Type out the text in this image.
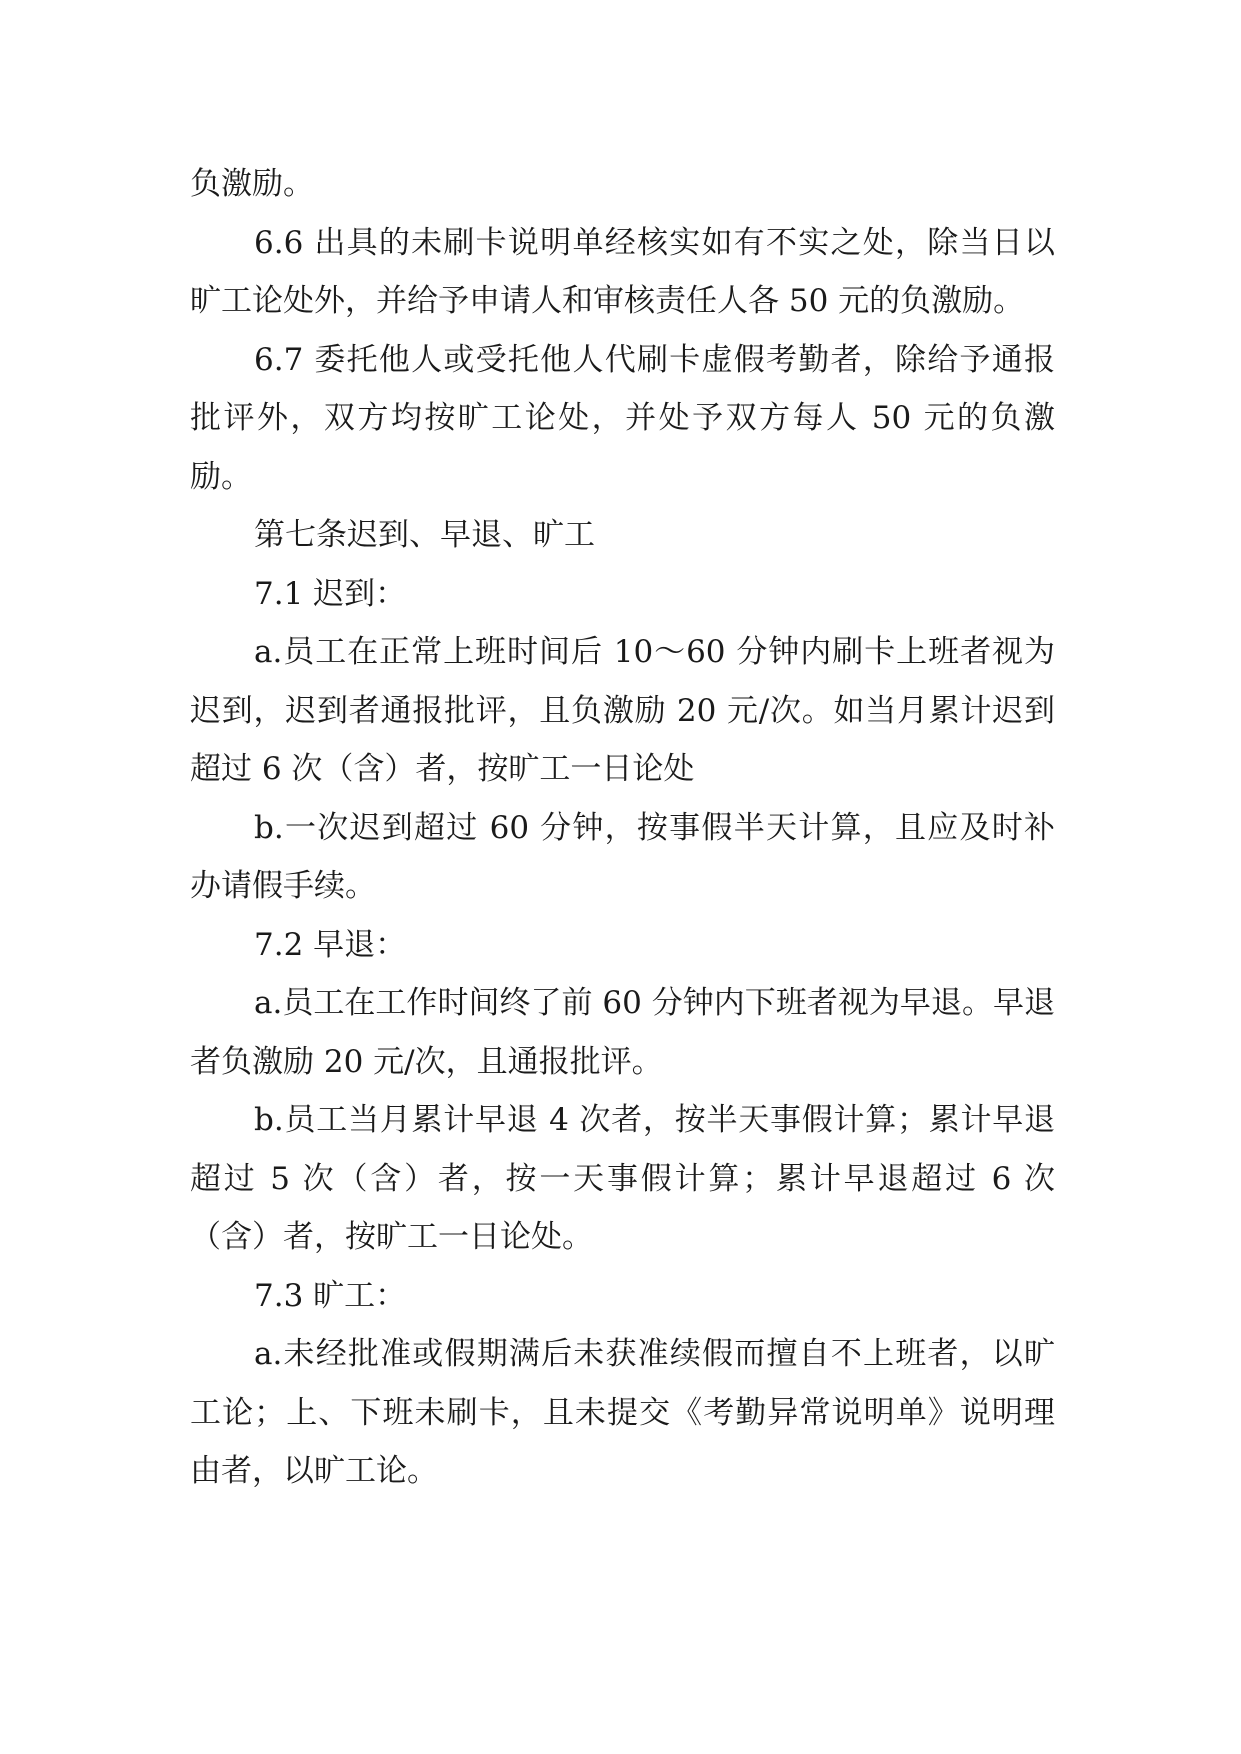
负激励。

6.6 出具的未刷卡说明单经核实如有不实之处，除当日以旷工论处外，并给予申请人和审核责任人各 50 元的负激励。

6.7 委托他人或受托他人代刷卡虚假考勤者，除给予通报批评外，双方均按旷工论处，并处予双方每人 50 元的负激励。

第七条迟到、早退、旷工

7.1 迟到：

a.员工在正常上班时间后 10～60 分钟内刷卡上班者视为迟到，迟到者通报批评，且负激励 20 元/次。如当月累计迟到超过 6 次（含）者，按旷工一日论处

b.一次迟到超过 60 分钟，按事假半天计算，且应及时补办请假手续。

7.2 早退：

a.员工在工作时间终了前 60 分钟内下班者视为早退。早退者负激励 20 元/次，且通报批评。

b.员工当月累计早退 4 次者，按半天事假计算；累计早退超过 5 次（含）者，按一天事假计算；累计早退超过 6 次（含）者，按旷工一日论处。

7.3 旷工：

a.未经批准或假期满后未获准续假而擅自不上班者，以旷工论；上、下班未刷卡，且未提交《考勤异常说明单》说明理由者，以旷工论。
